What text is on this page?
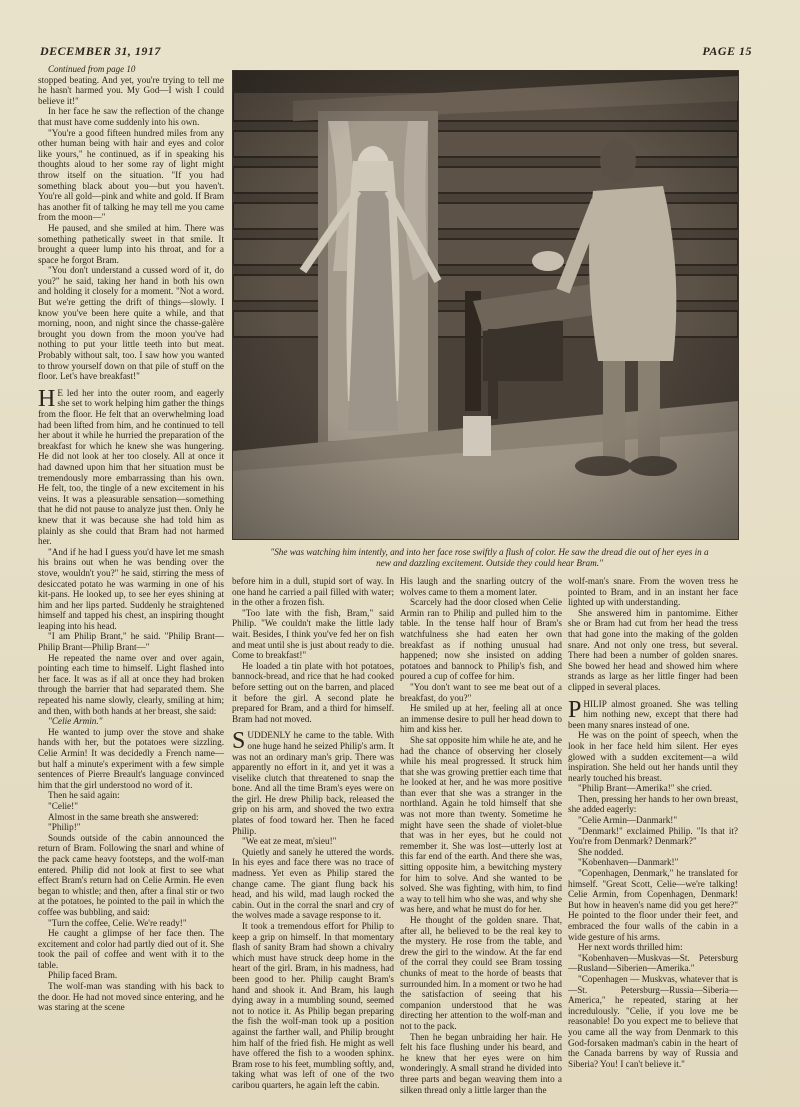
DECEMBER 31, 1917	PAGE 15

Continued from page 10

stopped beating. And yet, you're trying to tell me he hasn't harmed you. My God—I wish I could believe it!"

In her face he saw the reflection of the change that must have come suddenly into his own.

"You're a good fifteen hundred miles from any other human being with hair and eyes and color like yours," he continued, as if in speaking his thoughts aloud to her some ray of light might throw itself on the situation. "If you had something black about you—but you haven't. You're all gold—pink and white and gold. If Bram has another fit of talking he may tell me you came from the moon—"

He paused, and she smiled at him. There was something pathetically sweet in that smile. It brought a queer lump into his throat, and for a space he forgot Bram.

"You don't understand a cussed word of it, do you?" he said, taking her hand in both his own and holding it closely for a moment. "Not a word. But we're getting the drift of things—slowly. I know you've been here quite a while, and that morning, noon, and night since the chasse-galère brought you down from the moon you've had nothing to put your little teeth into but meat. Probably without salt, too. I saw how you wanted to throw yourself down on that pile of stuff on the floor. Let's have breakfast!"

H E led her into the outer room, and eagerly she set to work helping him gather the things from the floor. He felt that an overwhelming load had been lifted from him, and he continued to tell her about it while he hurried the preparation of the breakfast for which he knew she was hungering. He did not look at her too closely. All at once it had dawned upon him that her situation must be tremendously more embarrassing than his own. He felt, too, the tingle of a new excitement in his veins. It was a pleasurable sensation—something that he did not pause to analyze just then. Only he knew that it was because she had told him as plainly as she could that Bram had not harmed her.

"And if he had I guess you'd have let me smash his brains out when he was bending over the stove, wouldn't you?" he said, stirring the mess of desiccated potato he was warming in one of his kit-pans. He looked up, to see her eyes shining at him and her lips parted. Suddenly he straightened himself and tapped his chest, an inspiring thought leaping into his head.

"I am Philip Brant," he said. "Philip Brant—Philip Brant—Philip Brant—"

He repeated the name over and over again, pointing each time to himself. Light flashed into her face. It was as if all at once they had broken through the barrier that had separated them. She repeated his name slowly, clearly, smiling at him; and then, with both hands at her breast, she said:

"Celie Armin."

He wanted to jump over the stove and shake hands with her, but the potatoes were sizzling. Celie Armin! It was decidedly a French name—but half a minute's experiment with a few simple sentences of Pierre Breault's language convinced him that the girl understood no word of it.

Then he said again:

"Celie!"

Almost in the same breath she answered:

"Philip!"

Sounds outside of the cabin announced the return of Bram. Following the snarl and whine of the pack came heavy footsteps, and the wolf-man entered. Philip did not look at first to see what effect Bram's return had on Celie Armin. He even began to whistle; and then, after a final stir or two at the potatoes, he pointed to the pail in which the coffee was bubbling, and said:

"Turn the coffee, Celie. We're ready!"

He caught a glimpse of her face then. The excitement and color had partly died out of it. She took the pail of coffee and went with it to the table.

Philip faced Bram.

The wolf-man was standing with his back to the door. He had not moved since entering, and he was staring at the scene

"She was watching him intently, and into her face rose swiftly a flush of color. He saw the dread die out of her eyes in a new and dazzling excitement. Outside they could hear Bram."

before him in a dull, stupid sort of way. In one hand he carried a pail filled with water; in the other a frozen fish.

"Too late with the fish, Bram," said Philip. "We couldn't make the little lady wait. Besides, I think you've fed her on fish and meat until she is just about ready to die. Come to breakfast!"

He loaded a tin plate with hot potatoes, bannock-bread, and rice that he had cooked before setting out on the barren, and placed it before the girl. A second plate he prepared for Bram, and a third for himself. Bram had not moved.

SUDDENLY he came to the table. With one huge hand he seized Philip's arm. It was not an ordinary man's grip. There was apparently no effort in it, and yet it was a viselike clutch that threatened to snap the bone. And all the time Bram's eyes were on the girl. He drew Philip back, released the grip on his arm, and shoved the two extra plates of food toward her. Then he faced Philip.

"We eat ze meat, m'sieu!"

Quietly and sanely he uttered the words. In his eyes and face there was no trace of madness. Yet even as Philip stared the change came. The giant flung back his head, and his wild, mad laugh rocked the cabin. Out in the corral the snarl and cry of the wolves made a savage response to it.

It took a tremendous effort for Philip to keep a grip on himself. In that momentary flash of sanity Bram had shown a chivalry which must have struck deep home in the heart of the girl. Bram, in his madness, had been good to her. Philip caught Bram's hand and shook it. And Bram, his laugh dying away in a mumbling sound, seemed not to notice it. As Philip began preparing the fish the wolf-man took up a position against the farther wall, and Philip brought him half of the fried fish. He might as well have offered the fish to a wooden sphinx. Bram rose to his feet, mumbling softly, and, taking what was left of one of the two caribou quarters, he again left the cabin.

His laugh and the snarling outcry of the wolves came to them a moment later.

Scarcely had the door closed when Celie Armin ran to Philip and pulled him to the table. In the tense half hour of Bram's watchfulness she had eaten her own breakfast as if nothing unusual had happened; now she insisted on adding potatoes and bannock to Philip's fish, and poured a cup of coffee for him.

"You don't want to see me beat out of a breakfast, do you?"

He smiled up at her, feeling all at once an immense desire to pull her head down to him and kiss her.

She sat opposite him while he ate, and he had the chance of observing her closely while his meal progressed. It struck him that she was growing prettier each time that he looked at her, and he was more positive than ever that she was a stranger in the northland. Again he told himself that she was not more than twenty. Sometime he might have seen the shade of violet-blue that was in her eyes, but he could not remember it. She was lost—utterly lost at this far end of the earth. And there she was, sitting opposite him, a bewitching mystery for him to solve. And she wanted to be solved. She was fighting, with him, to find a way to tell him who she was, and why she was here, and what he must do for her.

He thought of the golden snare. That, after all, he believed to be the real key to the mystery. He rose from the table, and drew the girl to the window. At the far end of the corral they could see Bram tossing chunks of meat to the horde of beasts that surrounded him. In a moment or two he had the satisfaction of seeing that his companion understood that he was directing her attention to the wolf-man and not to the pack.

Then he began unbraiding her hair. He felt his face flushing under his beard, and he knew that her eyes were on him wonderingly. A small strand he divided into three parts and began weaving them into a silken thread only a little larger than the

wolf-man's snare. From the woven tress he pointed to Bram, and in an instant her face lighted up with understanding.

She answered him in pantomime. Either she or Bram had cut from her head the tress that had gone into the making of the golden snare. And not only one tress, but several. There had been a number of golden snares. She bowed her head and showed him where strands as large as her little finger had been clipped in several places.

PHILIP almost groaned. She was telling him nothing new, except that there had been many snares instead of one.

He was on the point of speech, when the look in her face held him silent. Her eyes glowed with a sudden excitement—a wild inspiration. She held out her hands until they nearly touched his breast.

"Philip Brant—Amerika!" she cried.

Then, pressing her hands to her own breast, she added eagerly:

"Celie Armin—Danmark!"

"Denmark!" exclaimed Philip. "Is that it? You're from Denmark? Denmark?"

She nodded.

"Kobenhaven—Danmark!"

"Copenhagen, Denmark," he translated for himself. "Great Scott, Celie—we're talking! Celie Armin, from Copenhagen, Denmark! But how in heaven's name did you get here?" He pointed to the floor under their feet, and embraced the four walls of the cabin in a wide gesture of his arms.

Her next words thrilled him:

"Kobenhaven—Muskvas—St. Petersburg—Rusland—Siberien—Amerika."

"Copenhagen — Muskvas, whatever that is—St. Petersburg—Russia—Siberia—America," he repeated, staring at her incredulously. "Celie, if you love me be reasonable! Do you expect me to believe that you came all the way from Denmark to this God-forsaken madman's cabin in the heart of the Canada barrens by way of Russia and Siberia? You! I can't believe it."
